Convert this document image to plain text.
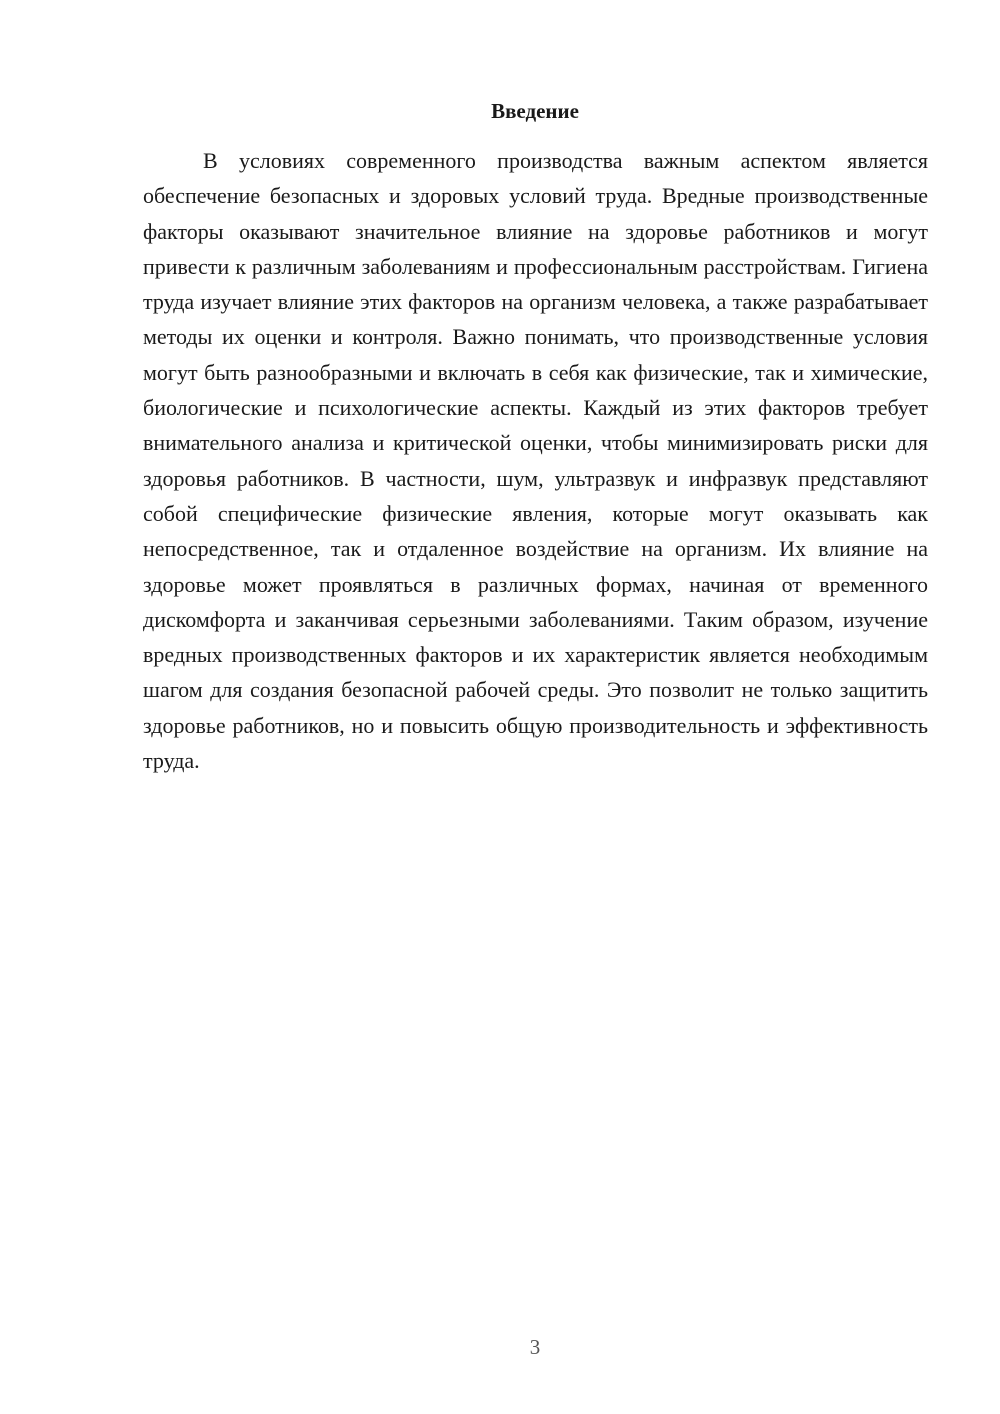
Введение

В условиях современного производства важным аспектом является обеспечение безопасных и здоровых условий труда. Вредные производственные факторы оказывают значительное влияние на здоровье работников и могут привести к различным заболеваниям и профессиональным расстройствам. Гигиена труда изучает влияние этих факторов на организм человека, а также разрабатывает методы их оценки и контроля. Важно понимать, что производственные условия могут быть разнообразными и включать в себя как физические, так и химические, биологические и психологические аспекты. Каждый из этих факторов требует внимательного анализа и критической оценки, чтобы минимизировать риски для здоровья работников. В частности, шум, ультразвук и инфразвук представляют собой специфические физические явления, которые могут оказывать как непосредственное, так и отдаленное воздействие на организм. Их влияние на здоровье может проявляться в различных формах, начиная от временного дискомфорта и заканчивая серьезными заболеваниями. Таким образом, изучение вредных производственных факторов и их характеристик является необходимым шагом для создания безопасной рабочей среды. Это позволит не только защитить здоровье работников, но и повысить общую производительность и эффективность труда.

3
